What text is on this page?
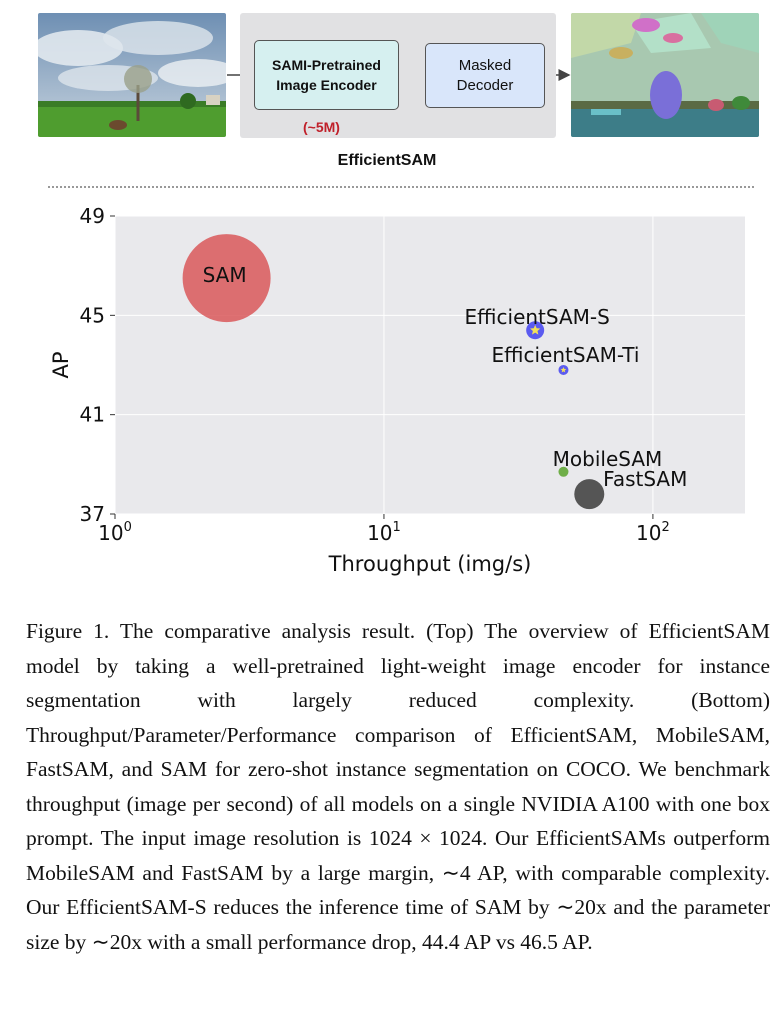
SAMI-Pretrained
Image Encoder
Masked
Decoder
(~5M)
EfficientSAM
SAM
EfficientSAM-S
EfficientSAM-Ti
MobileSAM
FastSAM
49
45
41
37
$10^0$	$10^1$	$10^2$
Throughput (img/s)
AP

Figure 1. The comparative analysis result. (Top) The overview of EfficientSAM model by taking a well-pretrained light-weight image encoder for instance segmentation with largely reduced complexity. (Bottom) Throughput/Parameter/Performance comparison of EfficientSAM, MobileSAM, FastSAM, and SAM for zero-shot instance segmentation on COCO. We benchmark throughput (image per second) of all models on a single NVIDIA A100 with one box prompt. The input image resolution is 1024 × 1024. Our EfficientSAMs outperform MobileSAM and FastSAM by a large margin, ∼4 AP, with comparable complexity. Our EfficientSAM-S reduces the inference time of SAM by ∼20x and the parameter size by ∼20x with a small performance drop, 44.4 AP vs 46.5 AP.
